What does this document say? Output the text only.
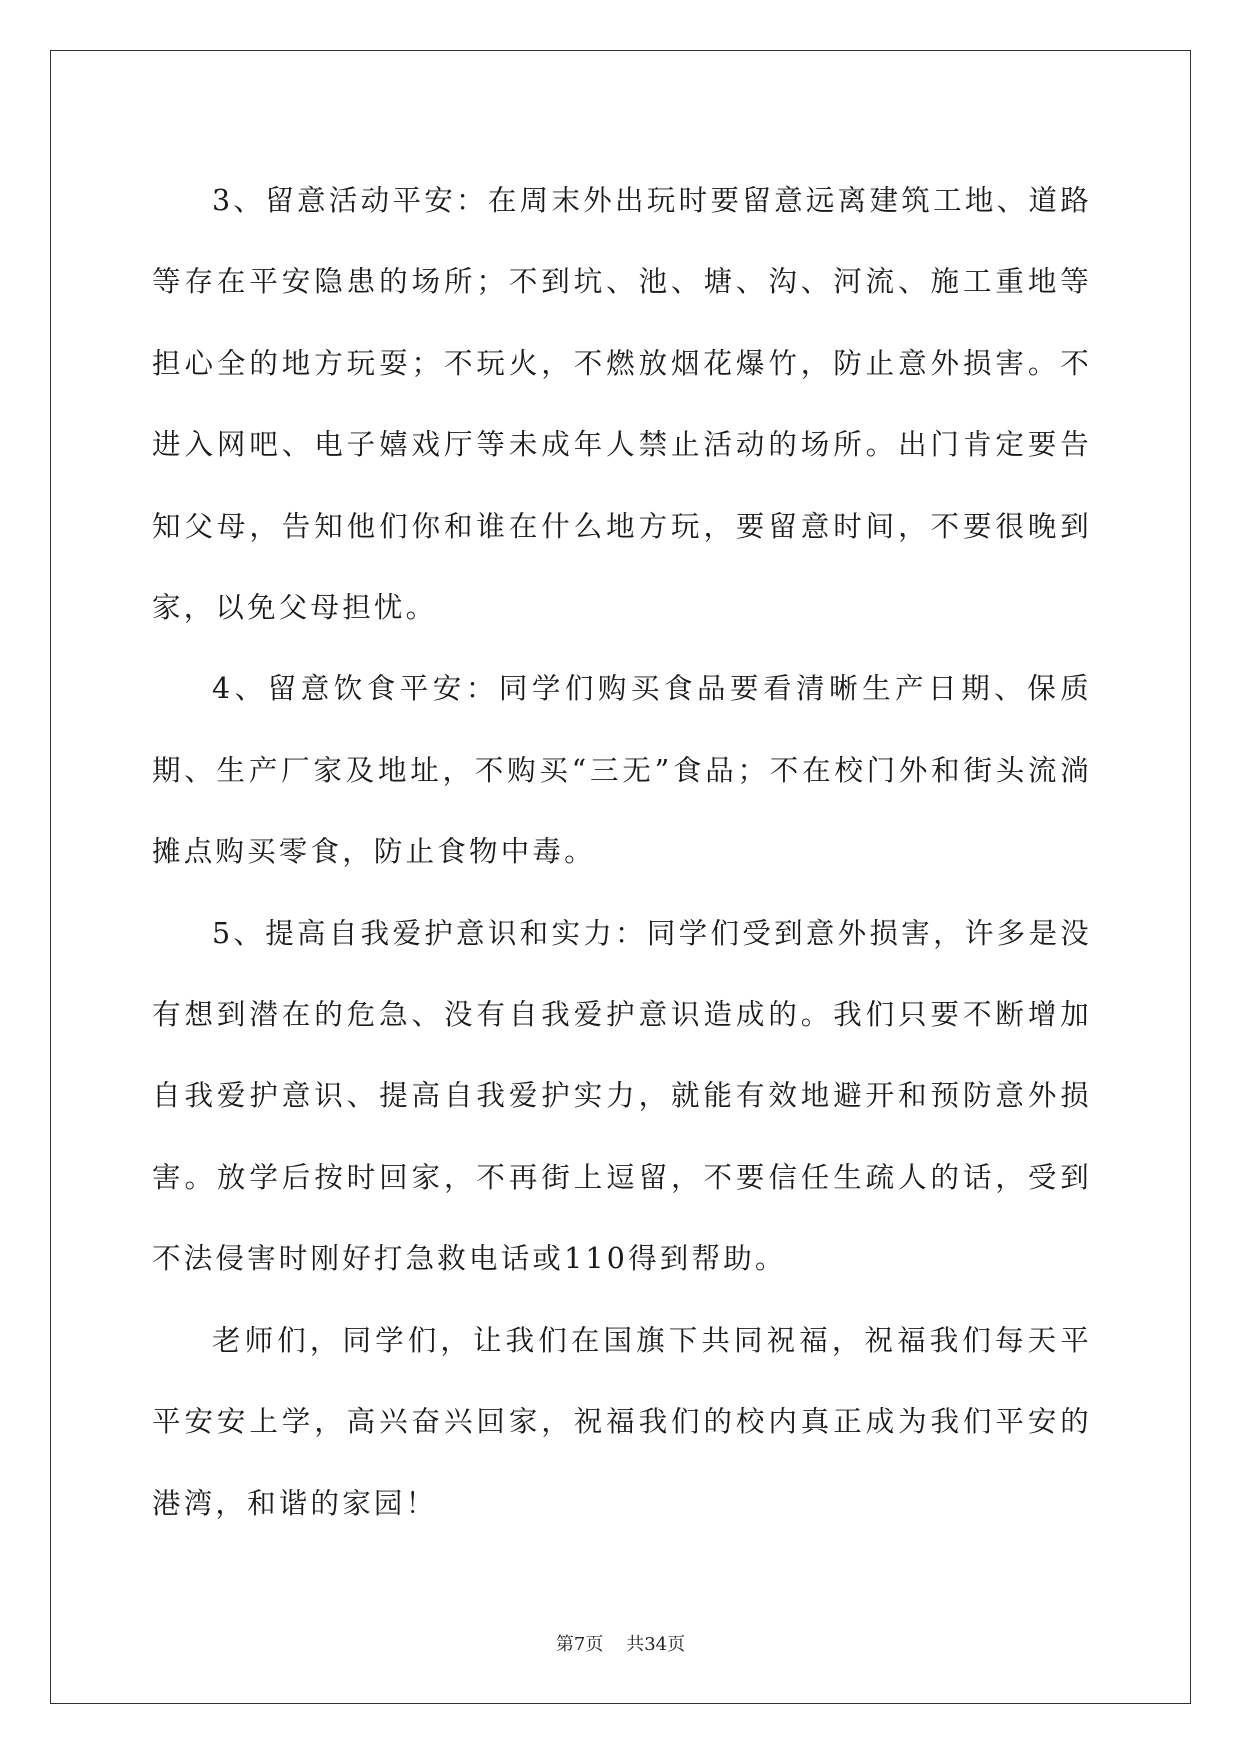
3、留意活动平安：在周末外出玩时要留意远离建筑工地、道路等存在平安隐患的场所；不到坑、池、塘、沟、河流、施工重地等担心全的地方玩耍；不玩火，不燃放烟花爆竹，防止意外损害。不进入网吧、电子嬉戏厅等未成年人禁止活动的场所。出门肯定要告知父母，告知他们你和谁在什么地方玩，要留意时间，不要很晚到家，以免父母担忧。

4、留意饮食平安：同学们购买食品要看清晰生产日期、保质期、生产厂家及地址，不购买“三无”食品；不在校门外和街头流淌摊点购买零食，防止食物中毒。

5、提高自我爱护意识和实力：同学们受到意外损害，许多是没有想到潜在的危急、没有自我爱护意识造成的。我们只要不断增加自我爱护意识、提高自我爱护实力，就能有效地避开和预防意外损害。放学后按时回家，不再街上逗留，不要信任生疏人的话，受到不法侵害时刚好打急救电话或110得到帮助。

老师们，同学们，让我们在国旗下共同祝福，祝福我们每天平平安安上学，高兴奋兴回家，祝福我们的校内真正成为我们平安的港湾，和谐的家园！

第7页 共34页
